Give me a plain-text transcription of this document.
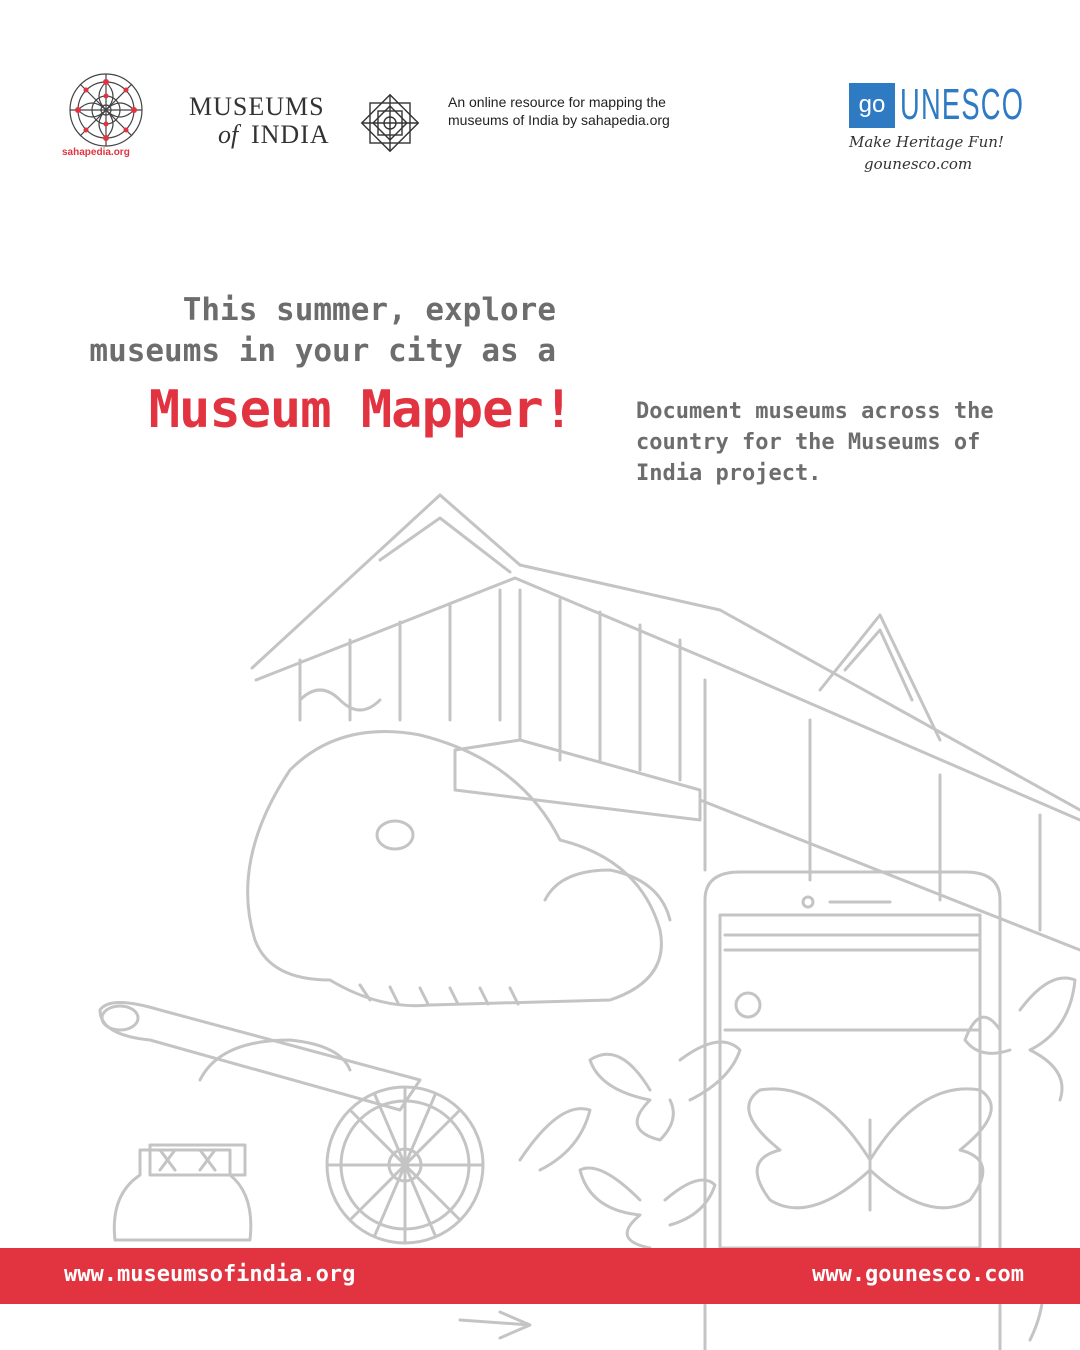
sahapedia.org
MUSEUMS
of INDIA
An online resource for mapping the museums of India by sahapedia.org
go UNESCO
Make Heritage Fun!
gounesco.com
This summer, explore
museums in your city as a
Museum Mapper!	Document museums across the country for the Museums of India project.
www.museumsofindia.org	www.gounesco.com
